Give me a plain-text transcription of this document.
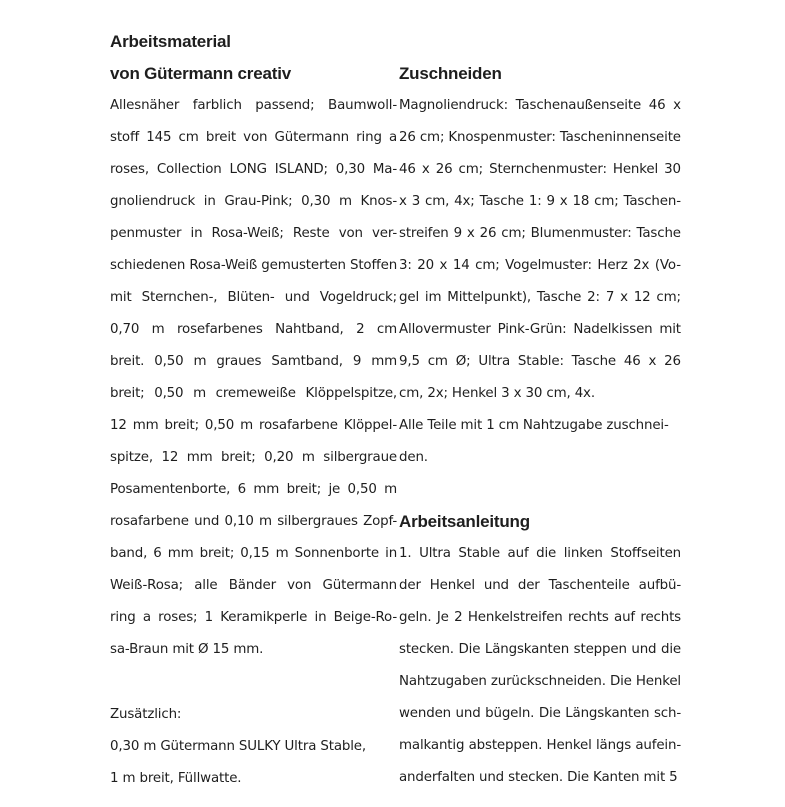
Arbeitsmaterial
von Gütermann creativ

Allesnäher farblich passend; Baumwoll-
stoff 145 cm breit von Gütermann ring a
roses, Collection LONG ISLAND; 0,30 Ma-
gnoliendruck in Grau-Pink; 0,30 m Knos-
penmuster in Rosa-Weiß; Reste von ver-
schiedenen Rosa-Weiß gemusterten Stoffen
mit Sternchen-, Blüten- und Vogeldruck;
0,70 m rosefarbenes Nahtband, 2 cm
breit. 0,50 m graues Samtband, 9 mm
breit; 0,50 m cremeweiße Klöppelspitze,
12 mm breit; 0,50 m rosafarbene Klöppel-
spitze, 12 mm breit; 0,20 m silbergraue
Posamentenborte, 6 mm breit; je 0,50 m
rosafarbene und 0,10 m silbergraues Zopf-
band, 6 mm breit; 0,15 m Sonnenborte in
Weiß-Rosa; alle Bänder von Gütermann
ring a roses; 1 Keramikperle in Beige-Ro-
sa-Braun mit Ø 15 mm.

Zusätzlich:

0,30 m Gütermann SULKY Ultra Stable,
1 m breit, Füllwatte.

Zuschneiden

Magnoliendruck: Taschenaußenseite 46 x
26 cm; Knospenmuster: Tascheninnenseite
46 x 26 cm; Sternchenmuster: Henkel 30
x 3 cm, 4x; Tasche 1: 9 x 18 cm; Taschen-
streifen 9 x 26 cm; Blumenmuster: Tasche
3: 20 x 14 cm; Vogelmuster: Herz 2x (Vo-
gel im Mittelpunkt), Tasche 2: 7 x 12 cm;
Allovermuster Pink-Grün: Nadelkissen mit
9,5 cm Ø; Ultra Stable: Tasche 46 x 26
cm, 2x; Henkel 3 x 30 cm, 4x.

Alle Teile mit 1 cm Nahtzugabe zuschnei-
den.

Arbeitsanleitung

1. Ultra Stable auf die linken Stoffseiten
der Henkel und der Taschenteile aufbü-
geln. Je 2 Henkelstreifen rechts auf rechts
stecken. Die Längskanten steppen und die
Nahtzugaben zurückschneiden. Die Henkel
wenden und bügeln. Die Längskanten sch-
malkantig absteppen. Henkel längs aufein-
anderfalten und stecken. Die Kanten mit 5
